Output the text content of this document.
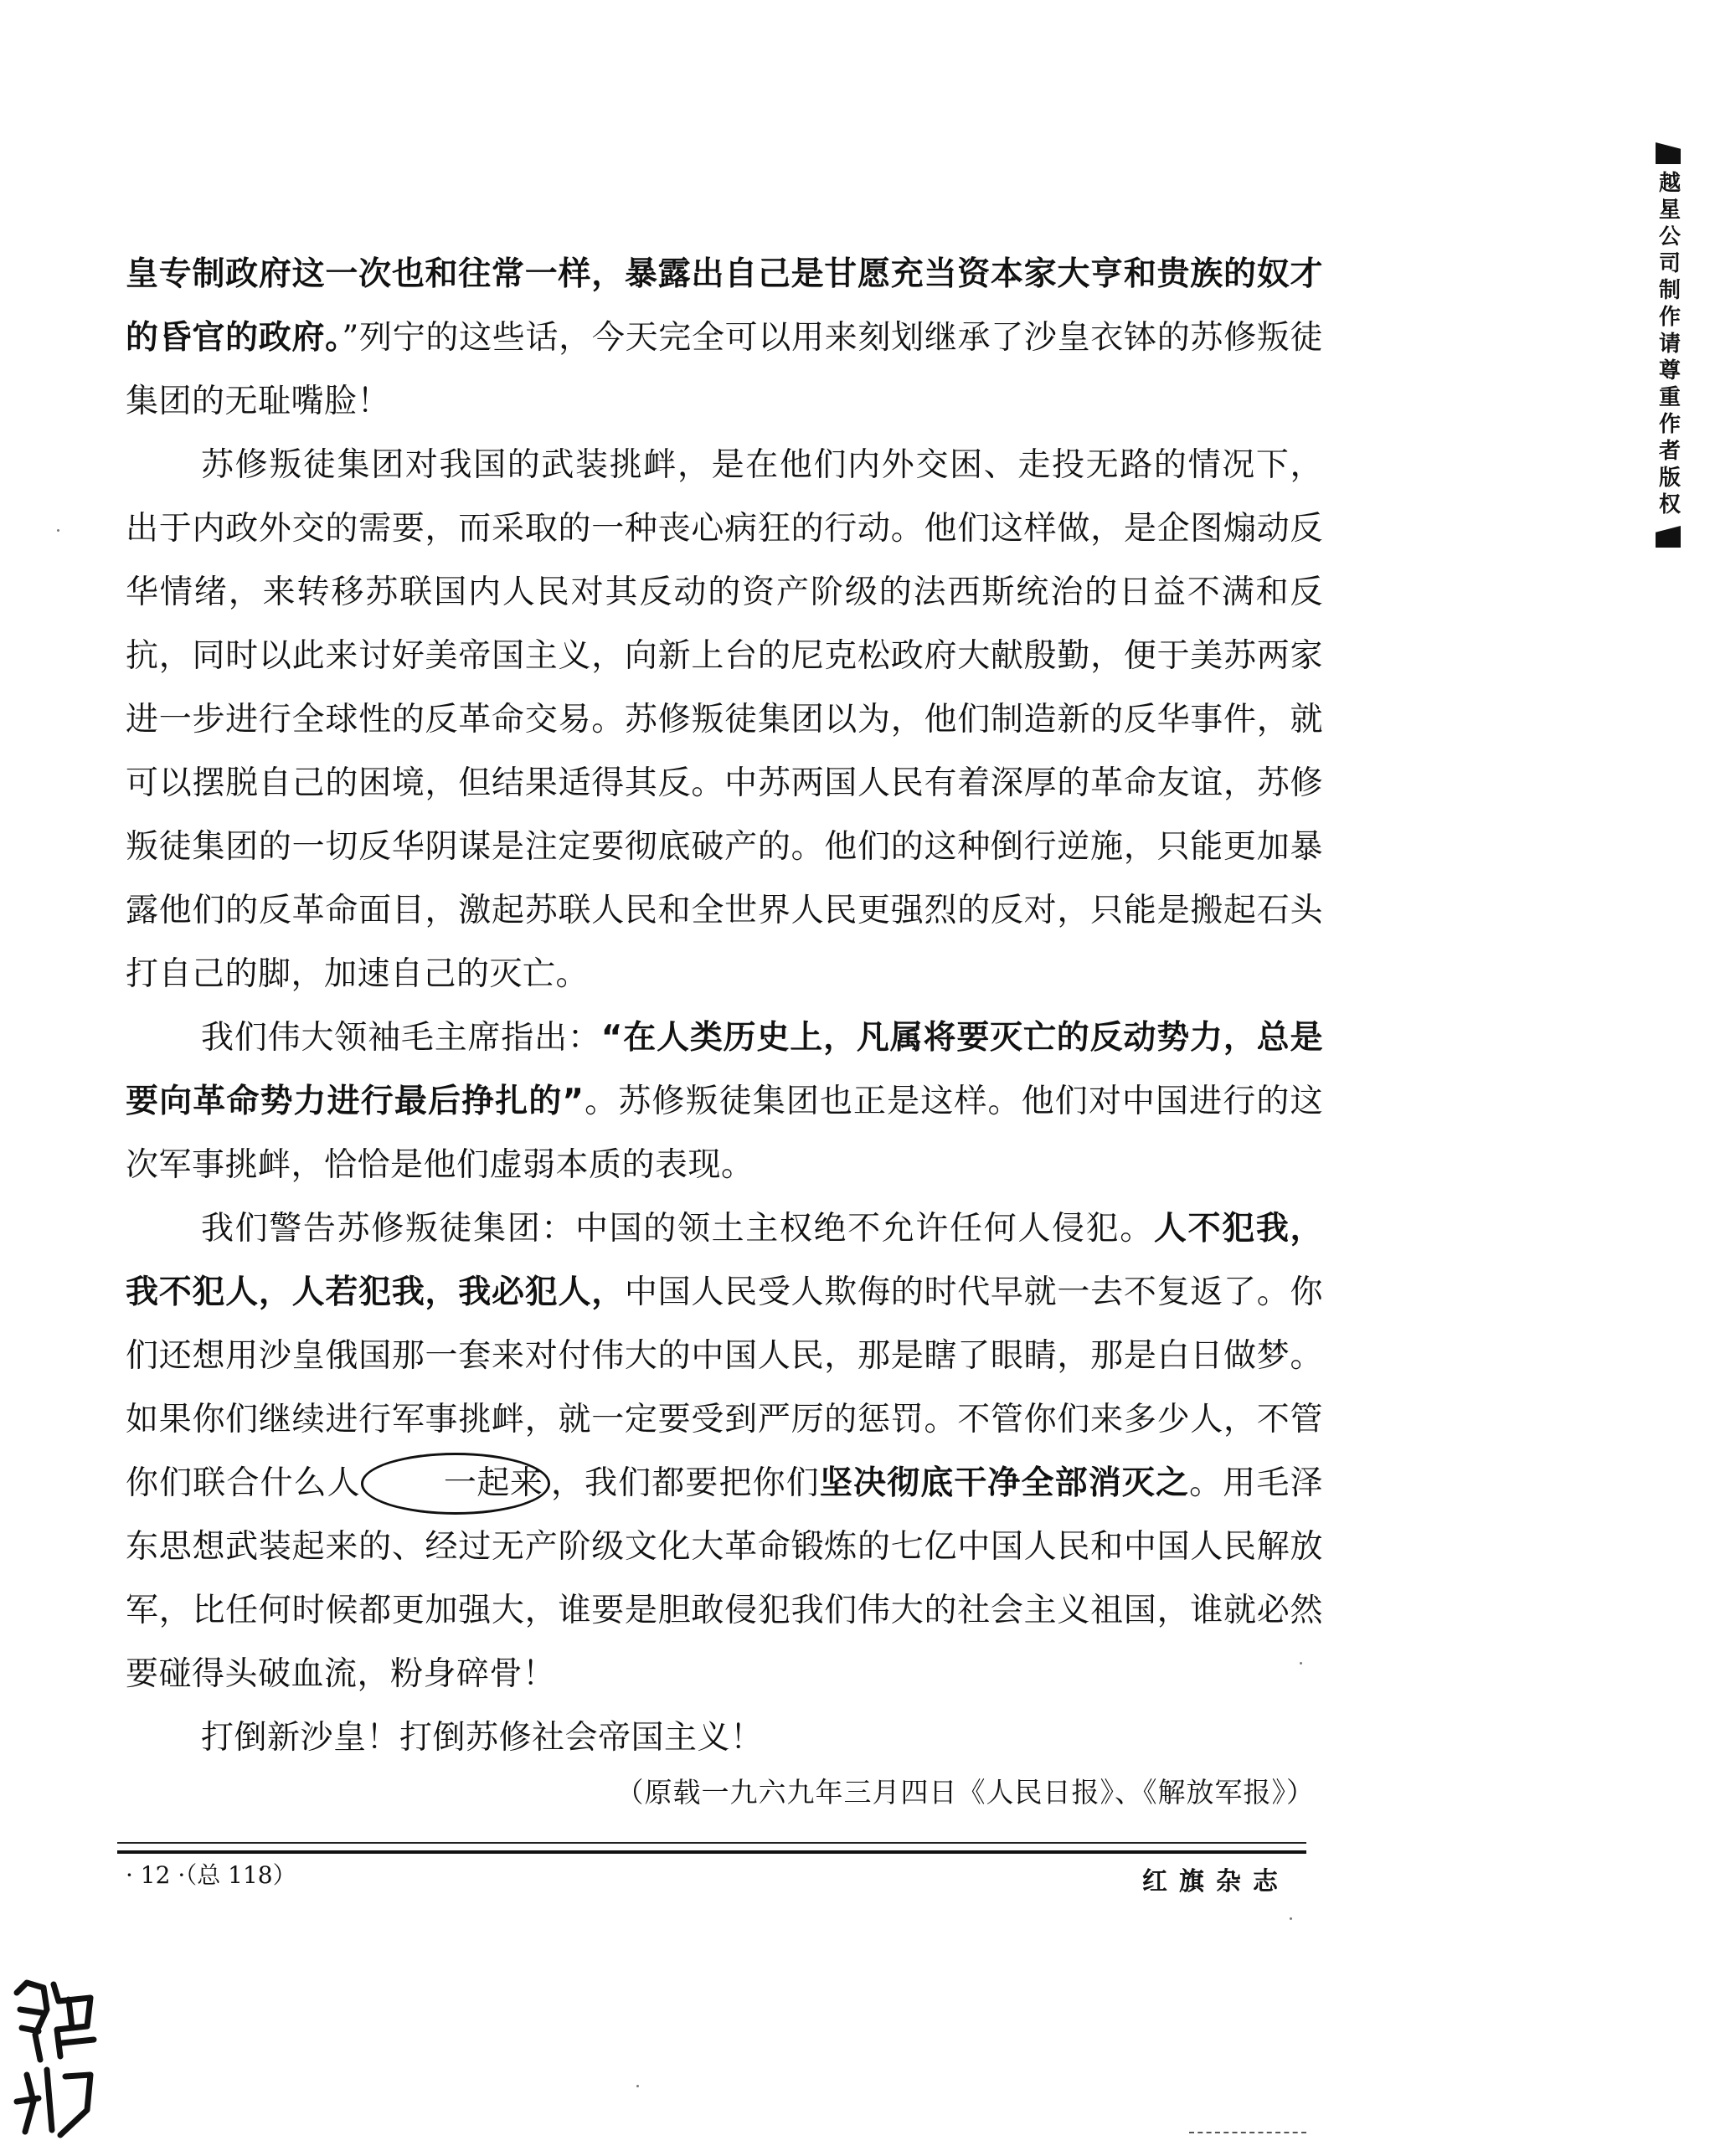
皇专制政府这一次也和往常一样，暴露出自己是甘愿充当资本家大亨和贵族的奴才的昏官的政府。”列宁的这些话，今天完全可以用来刻划继承了沙皇衣钵的苏修叛徒集团的无耻嘴脸！

苏修叛徒集团对我国的武装挑衅，是在他们内外交困、走投无路的情况下，出于内政外交的需要，而采取的一种丧心病狂的行动。他们这样做，是企图煽动反华情绪，来转移苏联国内人民对其反动的资产阶级的法西斯统治的日益不满和反抗，同时以此来讨好美帝国主义，向新上台的尼克松政府大献殷勤，便于美苏两家进一步进行全球性的反革命交易。苏修叛徒集团以为，他们制造新的反华事件，就可以摆脱自己的困境，但结果适得其反。中苏两国人民有着深厚的革命友谊，苏修叛徒集团的一切反华阴谋是注定要彻底破产的。他们的这种倒行逆施，只能更加暴露他们的反革命面目，激起苏联人民和全世界人民更强烈的反对，只能是搬起石头打自己的脚，加速自己的灭亡。

我们伟大领袖毛主席指出：“在人类历史上，凡属将要灭亡的反动势力，总是要向革命势力进行最后挣扎的”。苏修叛徒集团也正是这样。他们对中国进行的这次军事挑衅，恰恰是他们虚弱本质的表现。

我们警告苏修叛徒集团：中国的领土主权绝不允许任何人侵犯。人不犯我，我不犯人，人若犯我，我必犯人，中国人民受人欺侮的时代早就一去不复返了。你们还想用沙皇俄国那一套来对付伟大的中国人民，那是瞎了眼睛，那是白日做梦。如果你们继续进行军事挑衅，就一定要受到严厉的惩罚。不管你们来多少人，不管你们联合什么人	一起来 ，我们都要把你们坚决彻底干净全部消灭之。用毛泽东思想武装起来的、经过无产阶级文化大革命锻炼的七亿中国人民和中国人民解放军，比任何时候都更加强大，谁要是胆敢侵犯我们伟大的社会主义祖国，谁就必然要碰得头破血流，粉身碎骨！

打倒新沙皇！打倒苏修社会帝国主义！

（原载一九六九年三月四日《人民日报》、《解放军报》）
· 12 ·（总 118）	红旗杂志
越星公司制作请尊重作者版权
